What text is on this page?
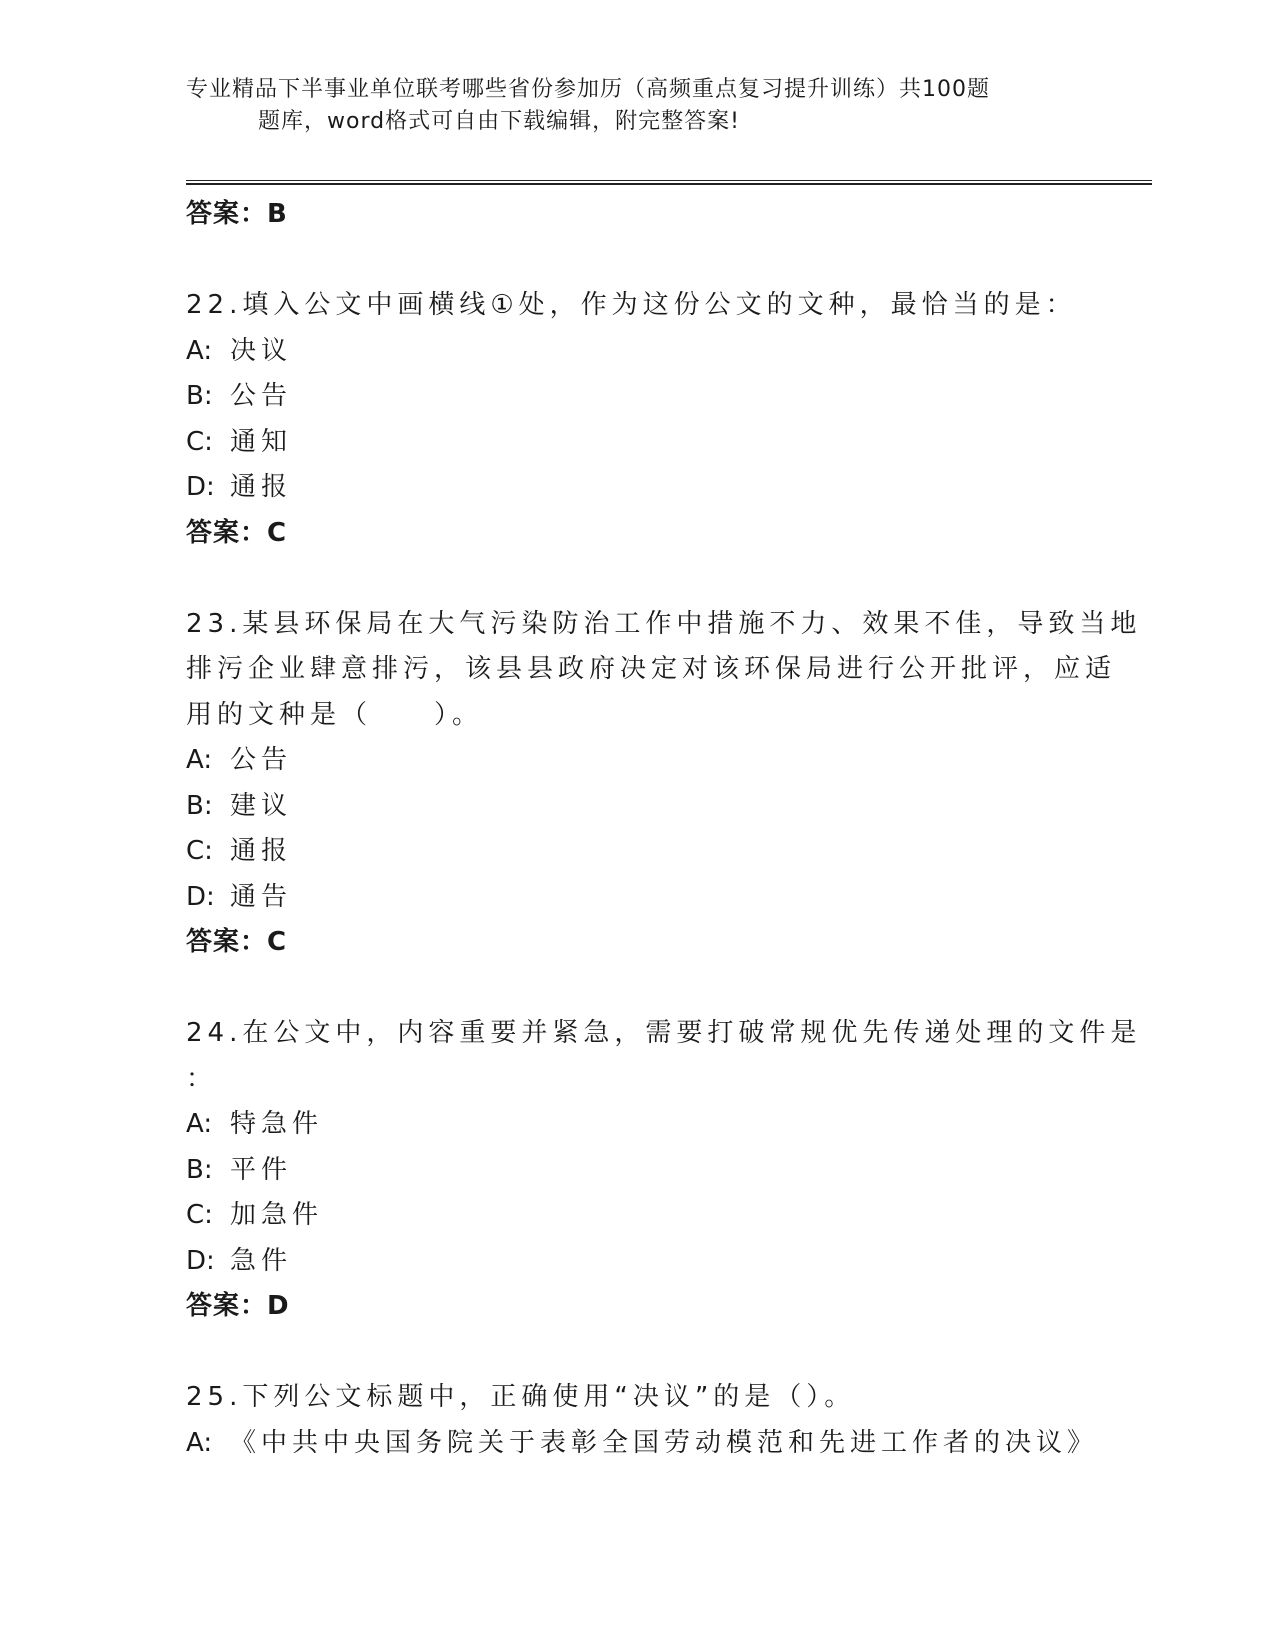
专业精品下半事业单位联考哪些省份参加历（高频重点复习提升训练）共100题
题库，word格式可自由下载编辑，附完整答案!
答案：B
22.填入公文中画横线①处，作为这份公文的文种，最恰当的是：
A: 决议
B: 公告
C: 通知
D: 通报
答案：C
23.某县环保局在大气污染防治工作中措施不力、效果不佳，导致当地
排污企业肆意排污，该县县政府决定对该环保局进行公开批评，应适
用的文种是（　　）。
A: 公告
B: 建议
C: 通报
D: 通告
答案：C
24.在公文中，内容重要并紧急，需要打破常规优先传递处理的文件是
：
A: 特急件
B: 平件
C: 加急件
D: 急件
答案：D
25.下列公文标题中，正确使用“决议”的是（）。
A: 《中共中央国务院关于表彰全国劳动模范和先进工作者的决议》
